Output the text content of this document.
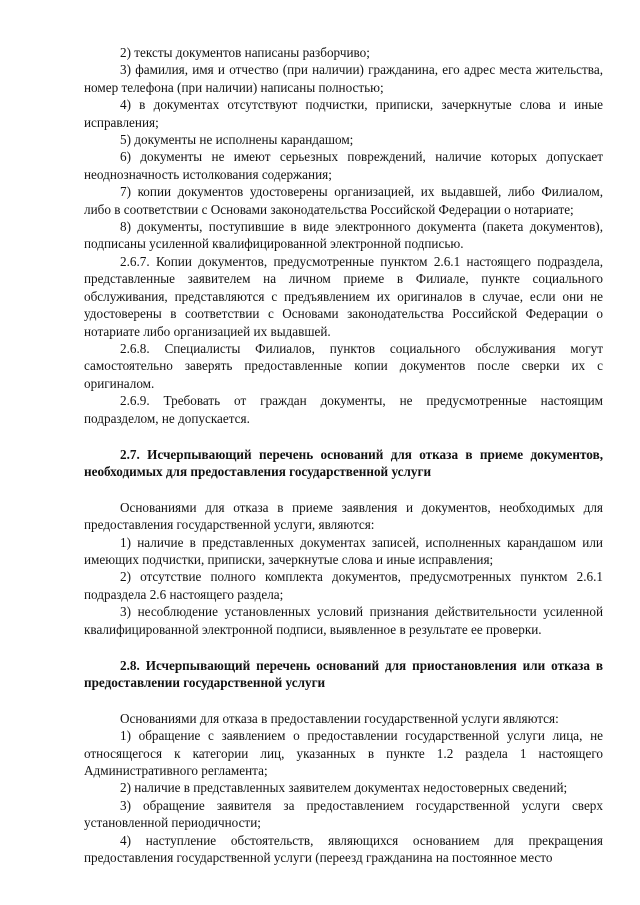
2) тексты документов написаны разборчиво;

3) фамилия, имя и отчество (при наличии) гражданина, его адрес места жительства, номер телефона (при наличии) написаны полностью;

4) в документах отсутствуют подчистки, приписки, зачеркнутые слова и иные исправления;

5) документы не исполнены карандашом;

6) документы не имеют серьезных повреждений, наличие которых допускает неоднозначность истолкования содержания;

7) копии документов удостоверены организацией, их выдавшей, либо Филиалом, либо в соответствии с Основами законодательства Российской Федерации о нотариате;

8) документы, поступившие в виде электронного документа (пакета документов), подписаны усиленной квалифицированной электронной подписью.

2.6.7. Копии документов, предусмотренные пунктом 2.6.1 настоящего подраздела, представленные заявителем на личном приеме в Филиале, пункте социального обслуживания, представляются с предъявлением их оригиналов в случае, если они не удостоверены в соответствии с Основами законодательства Российской Федерации о нотариате либо организацией их выдавшей.

2.6.8. Специалисты Филиалов, пунктов социального обслуживания могут самостоятельно заверять предоставленные копии документов после сверки их с оригиналом.

2.6.9. Требовать от граждан документы, не предусмотренные настоящим подразделом, не допускается.

2.7. Исчерпывающий перечень оснований для отказа в приеме документов, необходимых для предоставления государственной услуги

Основаниями для отказа в приеме заявления и документов, необходимых для предоставления государственной услуги, являются:

1) наличие в представленных документах записей, исполненных карандашом или имеющих подчистки, приписки, зачеркнутые слова и иные исправления;

2) отсутствие полного комплекта документов, предусмотренных пунктом 2.6.1 подраздела 2.6 настоящего раздела;

3) несоблюдение установленных условий признания действительности усиленной квалифицированной электронной подписи, выявленное в результате ее проверки.

2.8. Исчерпывающий перечень оснований для приостановления или отказа в предоставлении государственной услуги

Основаниями для отказа в предоставлении государственной услуги являются:

1) обращение с заявлением о предоставлении государственной услуги лица, не относящегося к категории лиц, указанных в пункте 1.2 раздела 1 настоящего Административного регламента;

2) наличие в представленных заявителем документах недостоверных сведений;

3) обращение заявителя за предоставлением государственной услуги сверх установленной периодичности;

4) наступление обстоятельств, являющихся основанием для прекращения предоставления государственной услуги (переезд гражданина на постоянное место
